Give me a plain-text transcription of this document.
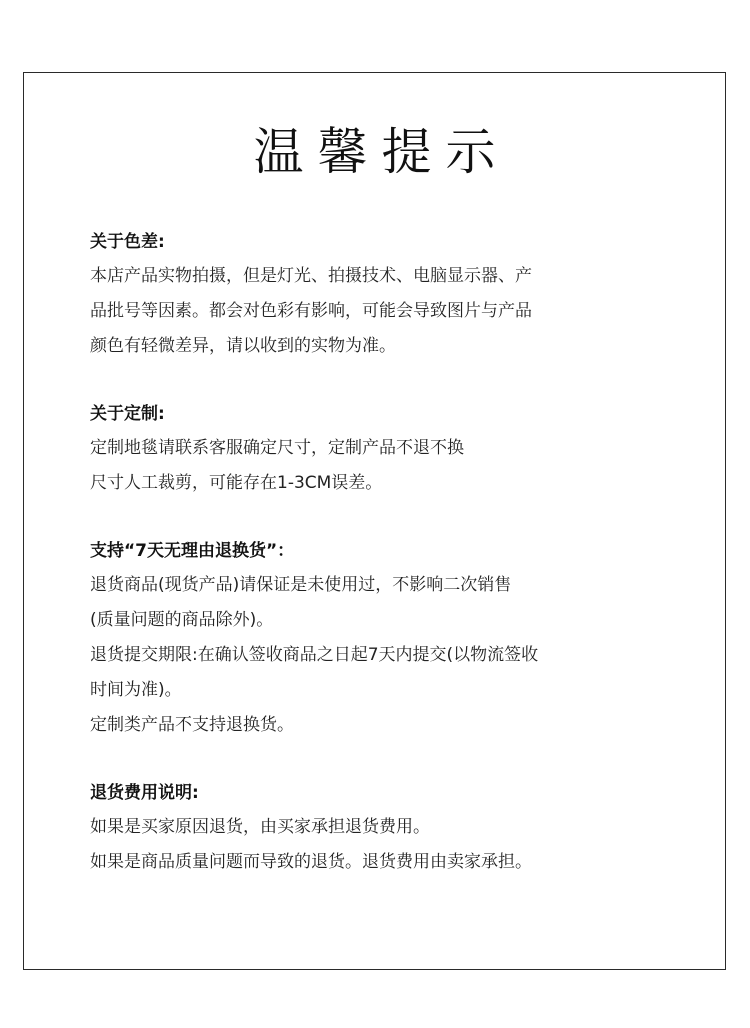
温馨提示
关于色差:
本店产品实物拍摄，但是灯光、拍摄技术、电脑显示器、产
品批号等因素。都会对色彩有影响，可能会导致图片与产品
颜色有轻微差异，请以收到的实物为准。
关于定制:
定制地毯请联系客服确定尺寸，定制产品不退不换
尺寸人工裁剪，可能存在1-3CM误差。
支持“7天无理由退换货”：
退货商品(现货产品)请保证是未使用过，不影响二次销售
(质量问题的商品除外)。
退货提交期限:在确认签收商品之日起7天内提交(以物流签收
时间为准)。
定制类产品不支持退换货。
退货费用说明:
如果是买家原因退货，由买家承担退货费用。
如果是商品质量问题而导致的退货。退货费用由卖家承担。
